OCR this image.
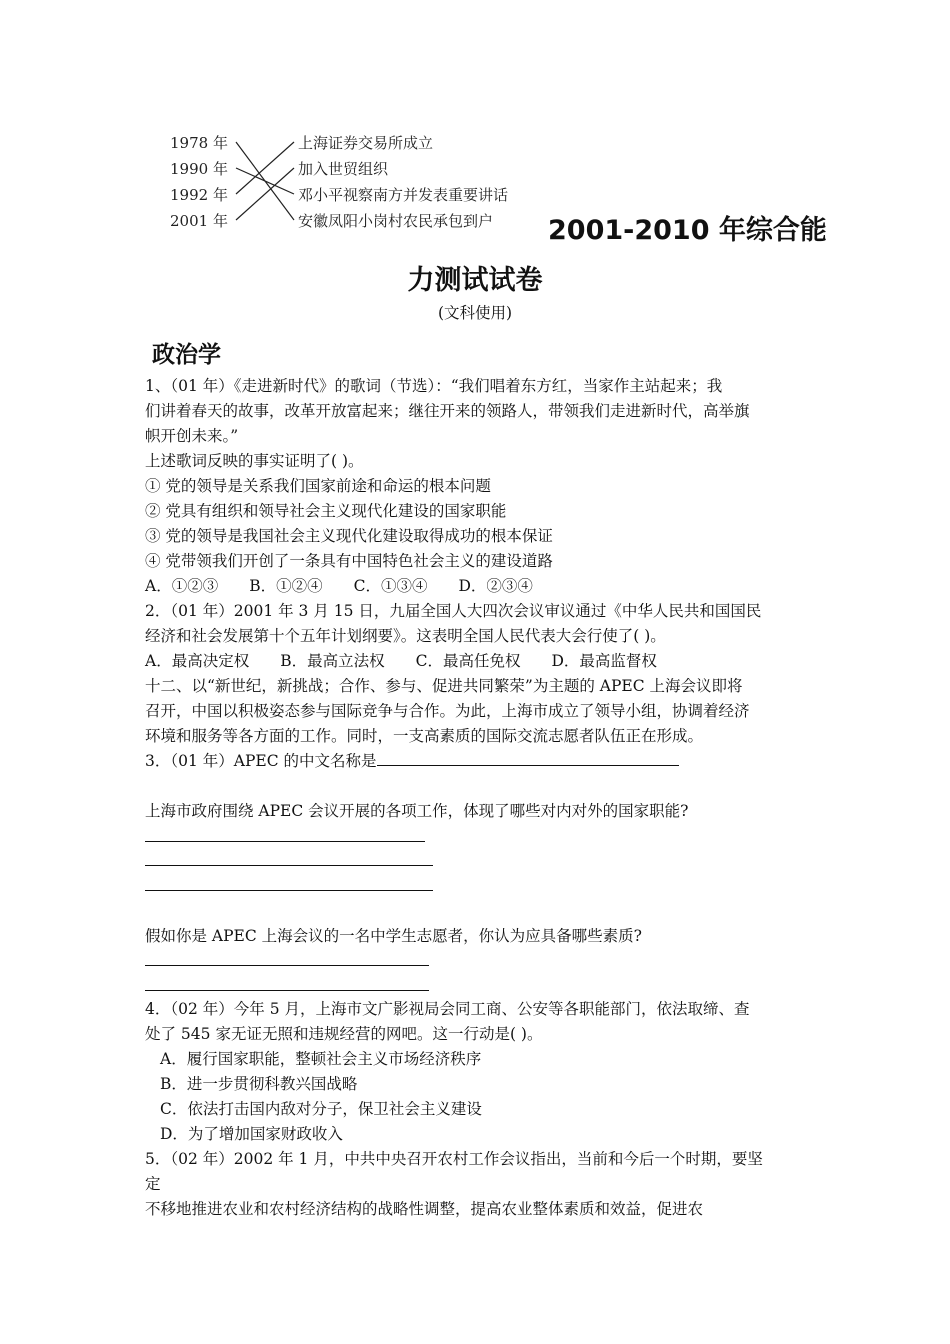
1978 年
1990 年
1992 年
2001 年
上海证券交易所成立
加入世贸组织
邓小平视察南方并发表重要讲话
安徽凤阳小岗村农民承包到户 2001-2010 年综合能
力测试试卷
(文科使用)
政治学
1、（01 年）《走进新时代》的歌词（节选）：“我们唱着东方红，当家作主站起来；我
们讲着春天的故事，改革开放富起来；继往开来的领路人，带领我们走进新时代，高举旗
帜开创未来。”
上述歌词反映的事实证明了( )。
① 党的领导是关系我们国家前途和命运的根本问题
② 党具有组织和领导社会主义现代化建设的国家职能
③ 党的领导是我国社会主义现代化建设取得成功的根本保证
④ 党带领我们开创了一条具有中国特色社会主义的建设道路
A．①②③　　B．①②④　　C．①③④　　D．②③④
2．（01 年）2001 年 3 月 15 日，九届全国人大四次会议审议通过《中华人民共和国国民
经济和社会发展第十个五年计划纲要》。这表明全国人民代表大会行使了( )。
A．最高决定权　　B．最高立法权　　C．最高任免权　　D．最高监督权
十二、以“新世纪，新挑战；合作、参与、促进共同繁荣”为主题的 APEC 上海会议即将
召开，中国以积极姿态参与国际竞争与合作。为此，上海市成立了领导小组，协调着经济
环境和服务等各方面的工作。同时，一支高素质的国际交流志愿者队伍正在形成。
3．（01 年）APEC 的中文名称是
上海市政府围绕 APEC 会议开展的各项工作，体现了哪些对内对外的国家职能?
假如你是 APEC 上海会议的一名中学生志愿者，你认为应具备哪些素质?
4．（02 年）今年 5 月，上海市文广影视局会同工商、公安等各职能部门，依法取缔、查
处了 545 家无证无照和违规经营的网吧。这一行动是( )。
A．履行国家职能，整顿社会主义市场经济秩序
B．进一步贯彻科教兴国战略
C．依法打击国内敌对分子，保卫社会主义建设
D．为了增加国家财政收入
5．（02 年）2002 年 1 月，中共中央召开农村工作会议指出，当前和今后一个时期，要坚
定
不移地推进农业和农村经济结构的战略性调整，提高农业整体素质和效益，促进农
